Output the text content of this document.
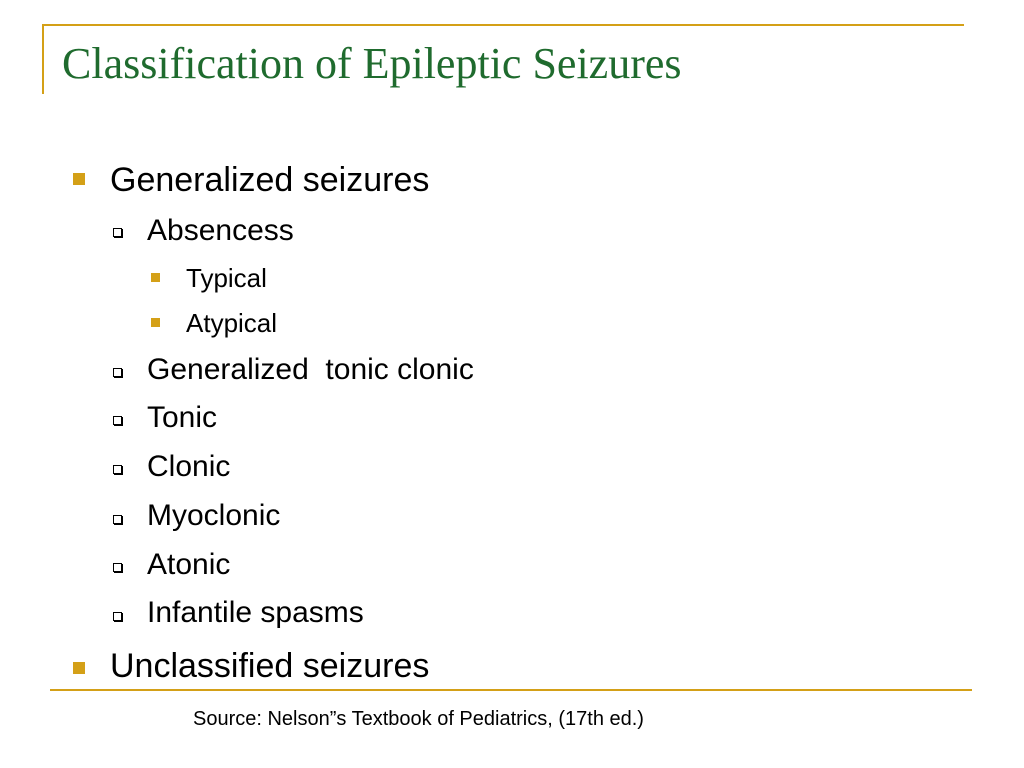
Classification of Epileptic Seizures
Generalized seizures
Absencess
Typical
Atypical
Generalized  tonic clonic
Tonic
Clonic
Myoclonic
Atonic
Infantile spasms
Unclassified seizures
Source: Nelson”s Textbook of Pediatrics, (17th ed.)
